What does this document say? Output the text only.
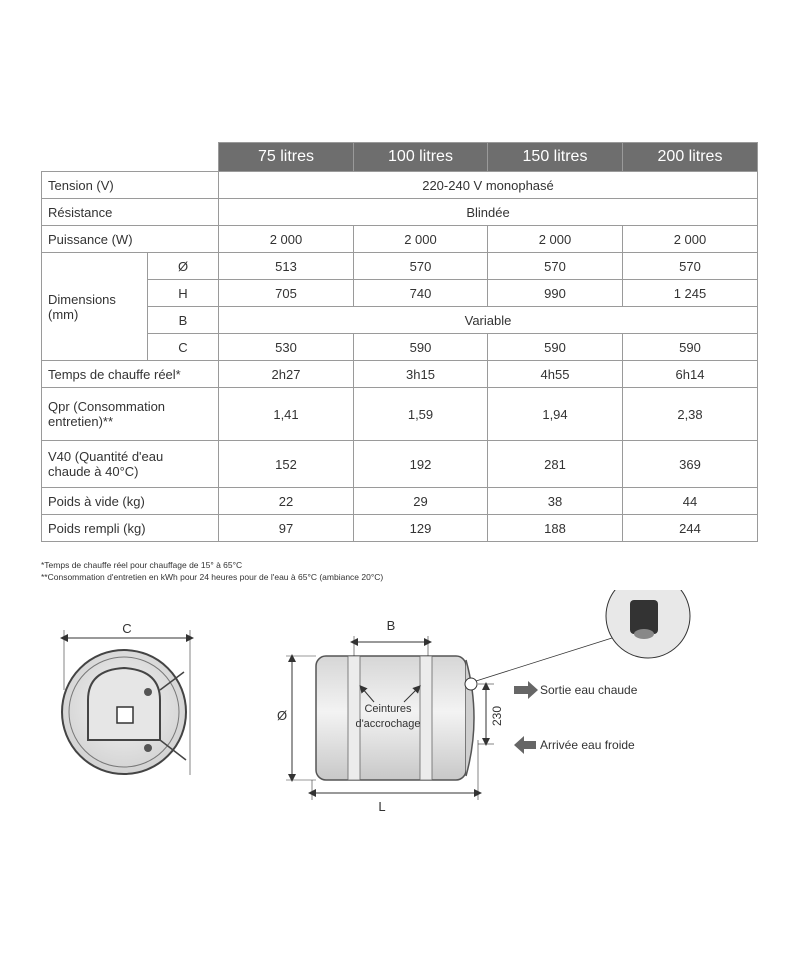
		75 litres	100 litres	150 litres	200 litres
Tension (V)		220-240 V monophasé			
Résistance		Blindée			
Puissance (W)		2 000	2 000	2 000	2 000
Dimensions
(mm)	Ø	513	570	570	570
	H	705	740	990	1 245
	B	Variable			
	C	530	590	590	590
Temps de chauffe réel*		2h27	3h15	4h55	6h14
Qpr (Consommation
entretien)**		1,41	1,59	1,94	2,38
V40 (Quantité d'eau
chaude à 40°C)		152	192	281	369
Poids à vide (kg)		22	29	38	44
Poids rempli (kg)		97	129	188	244
*Temps de chauffe réel pour chauffage de 15° à 65°C
**Consommation d'entretien en kWh pour 24 heures pour de l'eau à 65°C (ambiance 20°C)
C	B
Ø
L
230
Ceintures
d'accrochage
Sortie eau chaude
Arrivée eau froide
